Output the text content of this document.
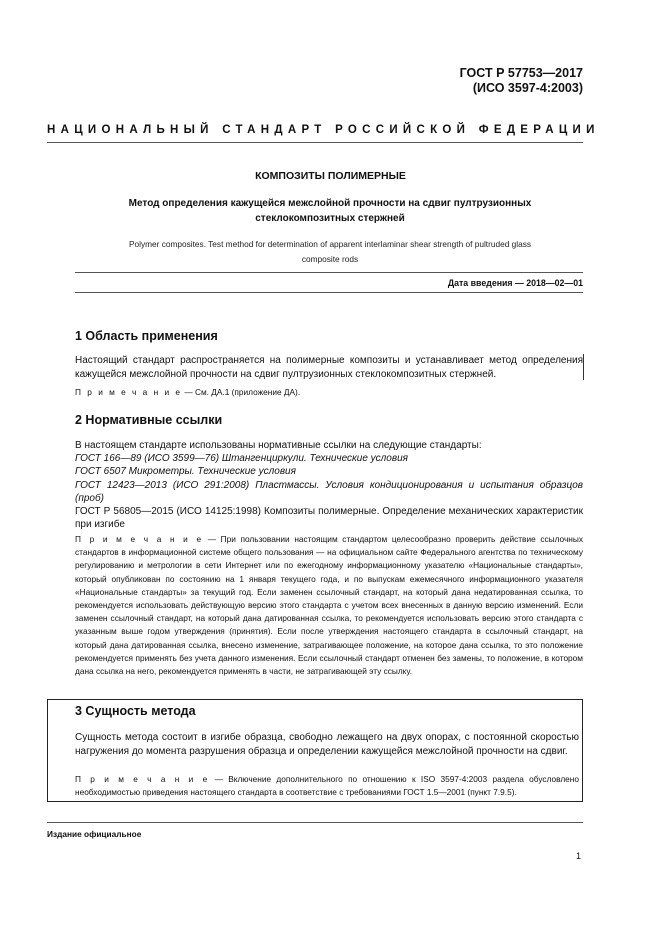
ГОСТ Р 57753—2017
(ИСО 3597-4:2003)
НАЦИОНАЛЬНЫЙ СТАНДАРТ РОССИЙСКОЙ ФЕДЕРАЦИИ
КОМПОЗИТЫ ПОЛИМЕРНЫЕ
Метод определения кажущейся межслойной прочности на сдвиг пултрузионных
стеклокомпозитных стержней
Polymer composites. Test method for determination of apparent interlaminar shear strength of pultruded glass
composite rods
Дата введения — 2018—02—01
1 Область применения
Настоящий стандарт распространяется на полимерные композиты и устанавливает метод определения кажущейся межслойной прочности на сдвиг пултрузионных стеклокомпозитных стержней.
П р и м е ч а н и е — См. ДА.1 (приложение ДА).
2 Нормативные ссылки
В настоящем стандарте использованы нормативные ссылки на следующие стандарты:
ГОСТ 166—89 (ИСО 3599—76) Штангенциркули. Технические условия
ГОСТ 6507 Микрометры. Технические условия
ГОСТ 12423—2013 (ИСО 291:2008) Пластмассы. Условия кондиционирования и испытания образцов (проб)
ГОСТ Р 56805—2015 (ИСО 14125:1998) Композиты полимерные. Определение механических характеристик при изгибе
П р и м е ч а н и е — При пользовании настоящим стандартом целесообразно проверить действие ссылочных стандартов в информационной системе общего пользования — на официальном сайте Федерального агентства по техническому регулированию и метрологии в сети Интернет или по ежегодному информационному указателю «Национальные стандарты», который опубликован по состоянию на 1 января текущего года, и по выпускам ежемесячного информационного указателя «Национальные стандарты» за текущий год. Если заменен ссылочный стандарт, на который дана недатированная ссылка, то рекомендуется использовать действующую версию этого стандарта с учетом всех внесенных в данную версию изменений. Если заменен ссылочный стандарт, на который дана датированная ссылка, то рекомендуется использовать версию этого стандарта с указанным выше годом утверждения (принятия). Если после утверждения настоящего стандарта в ссылочный стандарт, на который дана датированная ссылка, внесено изменение, затрагивающее положение, на которое дана ссылка, то это положение рекомендуется применять без учета данного изменения. Если ссылочный стандарт отменен без замены, то положение, в котором дана ссылка на него, рекомендуется применять в части, не затрагивающей эту ссылку.
3 Сущность метода
Сущность метода состоит в изгибе образца, свободно лежащего на двух опорах, с постоянной скоростью нагружения до момента разрушения образца и определении кажущейся межслойной прочности на сдвиг.
П р и м е ч а н и е — Включение дополнительного по отношению к ISO 3597-4:2003 раздела обусловлено необходимостью приведения настоящего стандарта в соответствие с требованиями ГОСТ 1.5—2001 (пункт 7.9.5).
Издание официальное
1
